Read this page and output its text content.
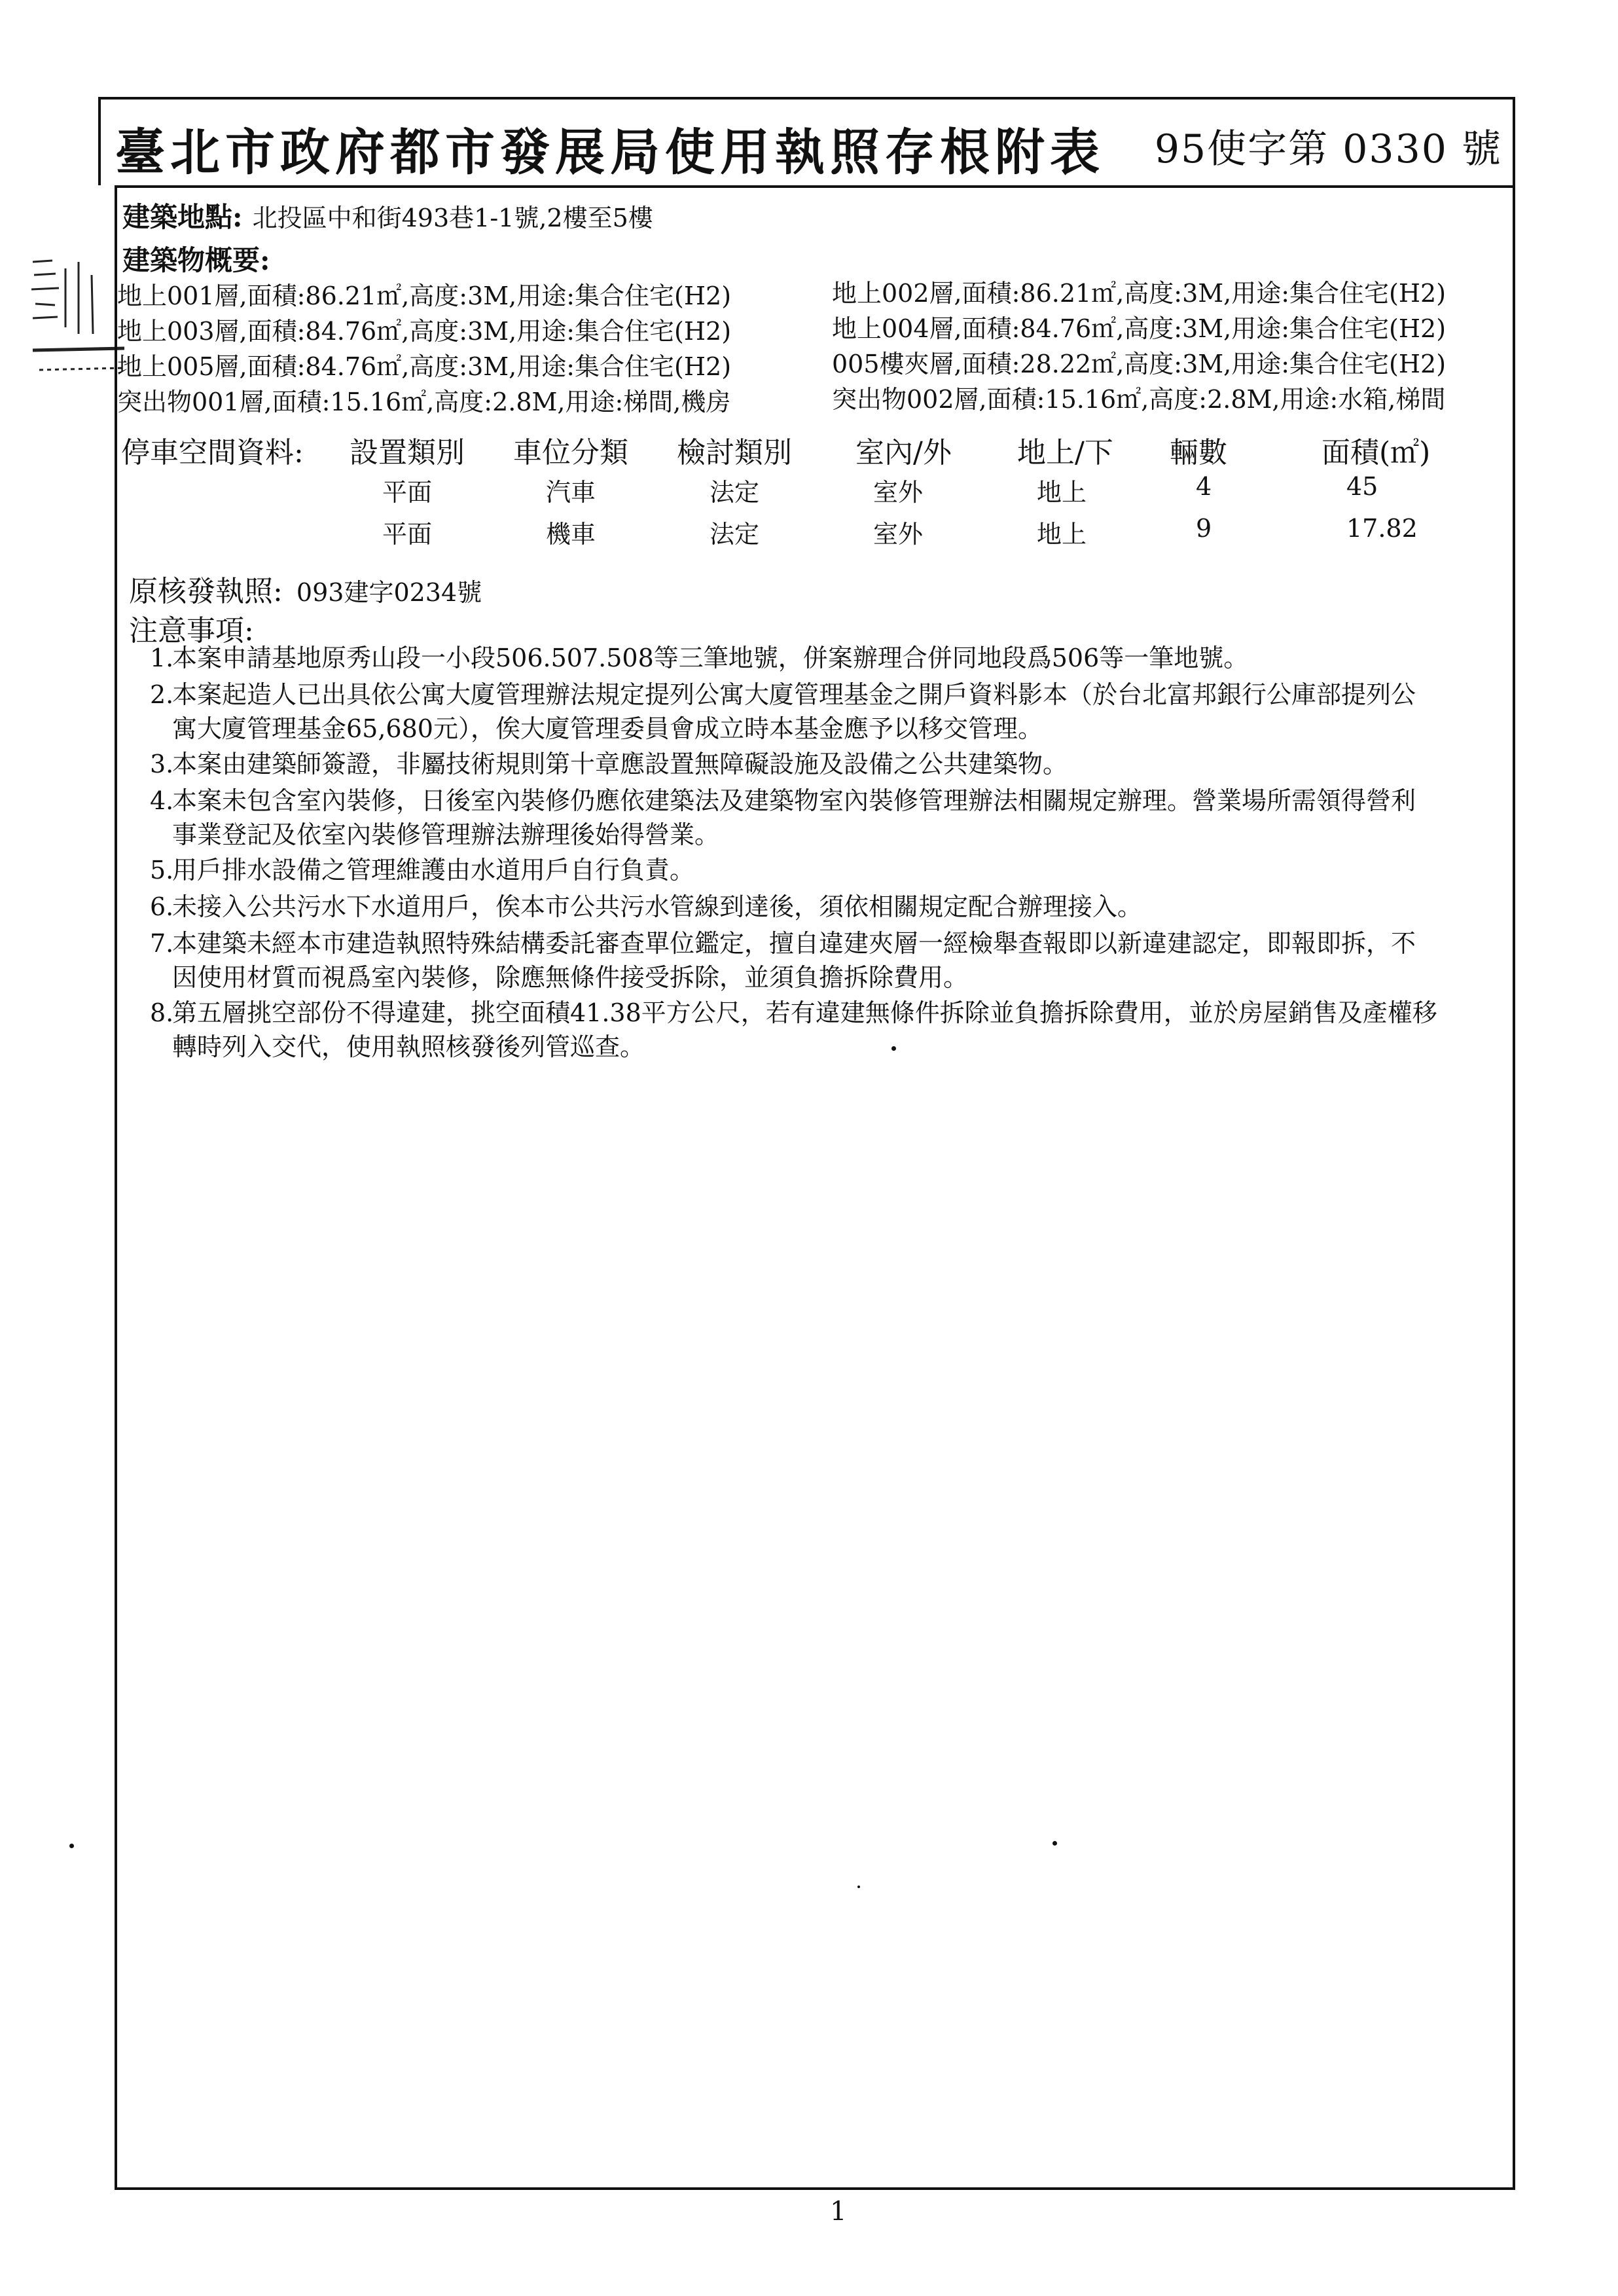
臺北市政府都市發展局使用執照存根附表 95使字第 0330 號
建築地點: 北投區中和街493巷1-1號,2樓至5樓
建築物概要:
地上001層,面積:86.21㎡,高度:3M,用途:集合住宅(H2)
地上003層,面積:84.76㎡,高度:3M,用途:集合住宅(H2)
地上005層,面積:84.76㎡,高度:3M,用途:集合住宅(H2)
突出物001層,面積:15.16㎡,高度:2.8M,用途:梯間,機房
地上002層,面積:86.21㎡,高度:3M,用途:集合住宅(H2)
地上004層,面積:84.76㎡,高度:3M,用途:集合住宅(H2)
005樓夾層,面積:28.22㎡,高度:3M,用途:集合住宅(H2)
突出物002層,面積:15.16㎡,高度:2.8M,用途:水箱,梯間
停車空間資料: 設置類別 車位分類 檢討類別 室內/外 地上/下 輛數	面積(㎡)
平面	汽車	法定	室外	地上	4	45
平面	機車	法定	室外	地上	9	17.82
原核發執照: 093建字0234號
注意事項:
1.本案申請基地原秀山段一小段506.507.508等三筆地號，併案辦理合併同地段爲506等一筆地號。
2.本案起造人已出具依公寓大廈管理辦法規定提列公寓大廈管理基金之開戶資料影本（於台北富邦銀行公庫部提列公
寓大廈管理基金65,680元），俟大廈管理委員會成立時本基金應予以移交管理。
3.本案由建築師簽證，非屬技術規則第十章應設置無障礙設施及設備之公共建築物。
4.本案未包含室內裝修，日後室內裝修仍應依建築法及建築物室內裝修管理辦法相關規定辦理。營業場所需領得營利
事業登記及依室內裝修管理辦法辦理後始得營業。
5.用戶排水設備之管理維護由水道用戶自行負責。
6.未接入公共污水下水道用戶，俟本市公共污水管線到達後，須依相關規定配合辦理接入。
7.本建築未經本市建造執照特殊結構委託審查單位鑑定，擅自違建夾層一經檢舉查報即以新違建認定，即報即拆，不
因使用材質而視爲室內裝修，除應無條件接受拆除，並須負擔拆除費用。
8.第五層挑空部份不得違建，挑空面積41.38平方公尺，若有違建無條件拆除並負擔拆除費用，並於房屋銷售及產權移
轉時列入交代，使用執照核發後列管巡查。
1
